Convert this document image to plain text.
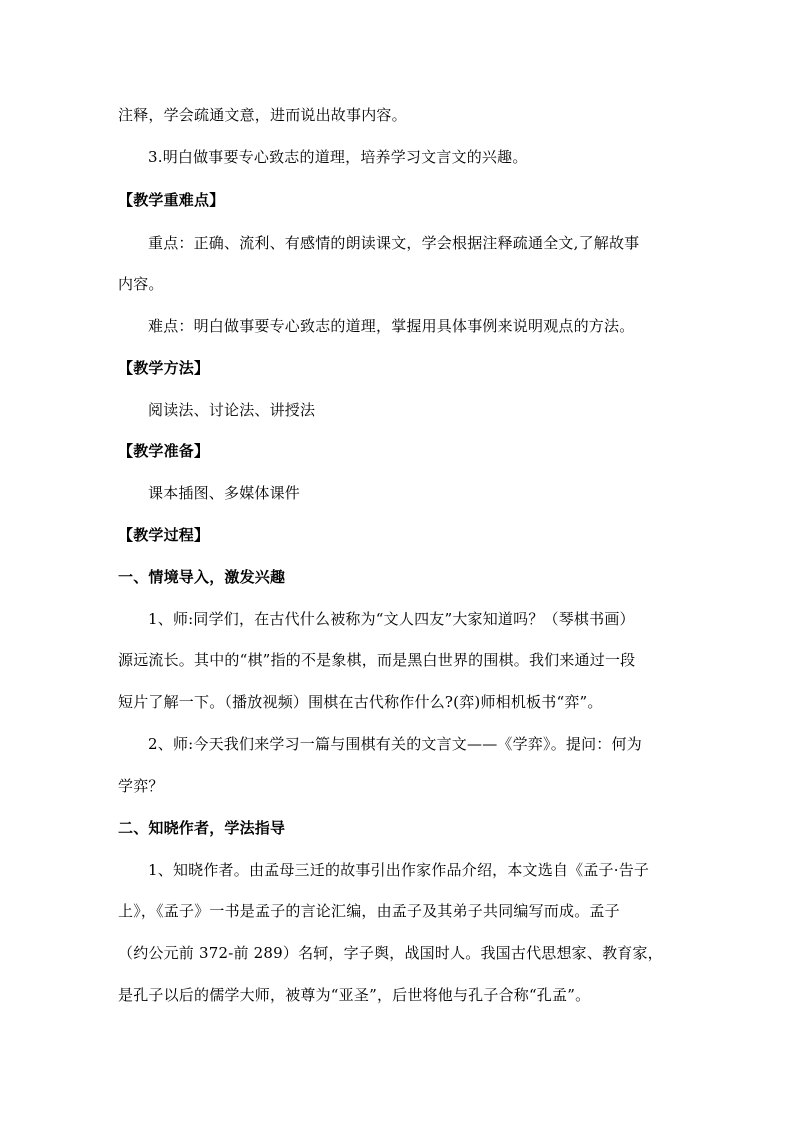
注释，学会疏通文意，进而说出故事内容。
3.明白做事要专心致志的道理，培养学习文言文的兴趣。
【教学重难点】
重点：正确、流利、有感情的朗读课文，学会根据注释疏通全文,了解故事
内容。
难点：明白做事要专心致志的道理，掌握用具体事例来说明观点的方法。
【教学方法】
阅读法、讨论法、讲授法
【教学准备】
课本插图、多媒体课件
【教学过程】
一、情境导入，激发兴趣
1、师:同学们，在古代什么被称为“文人四友”大家知道吗？（琴棋书画）
源远流长。其中的“棋”指的不是象棋，而是黑白世界的围棋。我们来通过一段
短片了解一下。（播放视频）围棋在古代称作什么?(弈)师相机板书“弈”。
2、师:今天我们来学习一篇与围棋有关的文言文——《学弈》。提问：何为
学弈？
二、知晓作者，学法指导
1、知晓作者。由孟母三迁的故事引出作家作品介绍，本文选自《孟子·告子
上》，《孟子》一书是孟子的言论汇编，由孟子及其弟子共同编写而成。孟子
（约公元前 372-前 289）名轲，字子舆，战国时人。我国古代思想家、教育家，
是孔子以后的儒学大师，被尊为“亚圣”，后世将他与孔子合称“孔孟”。
